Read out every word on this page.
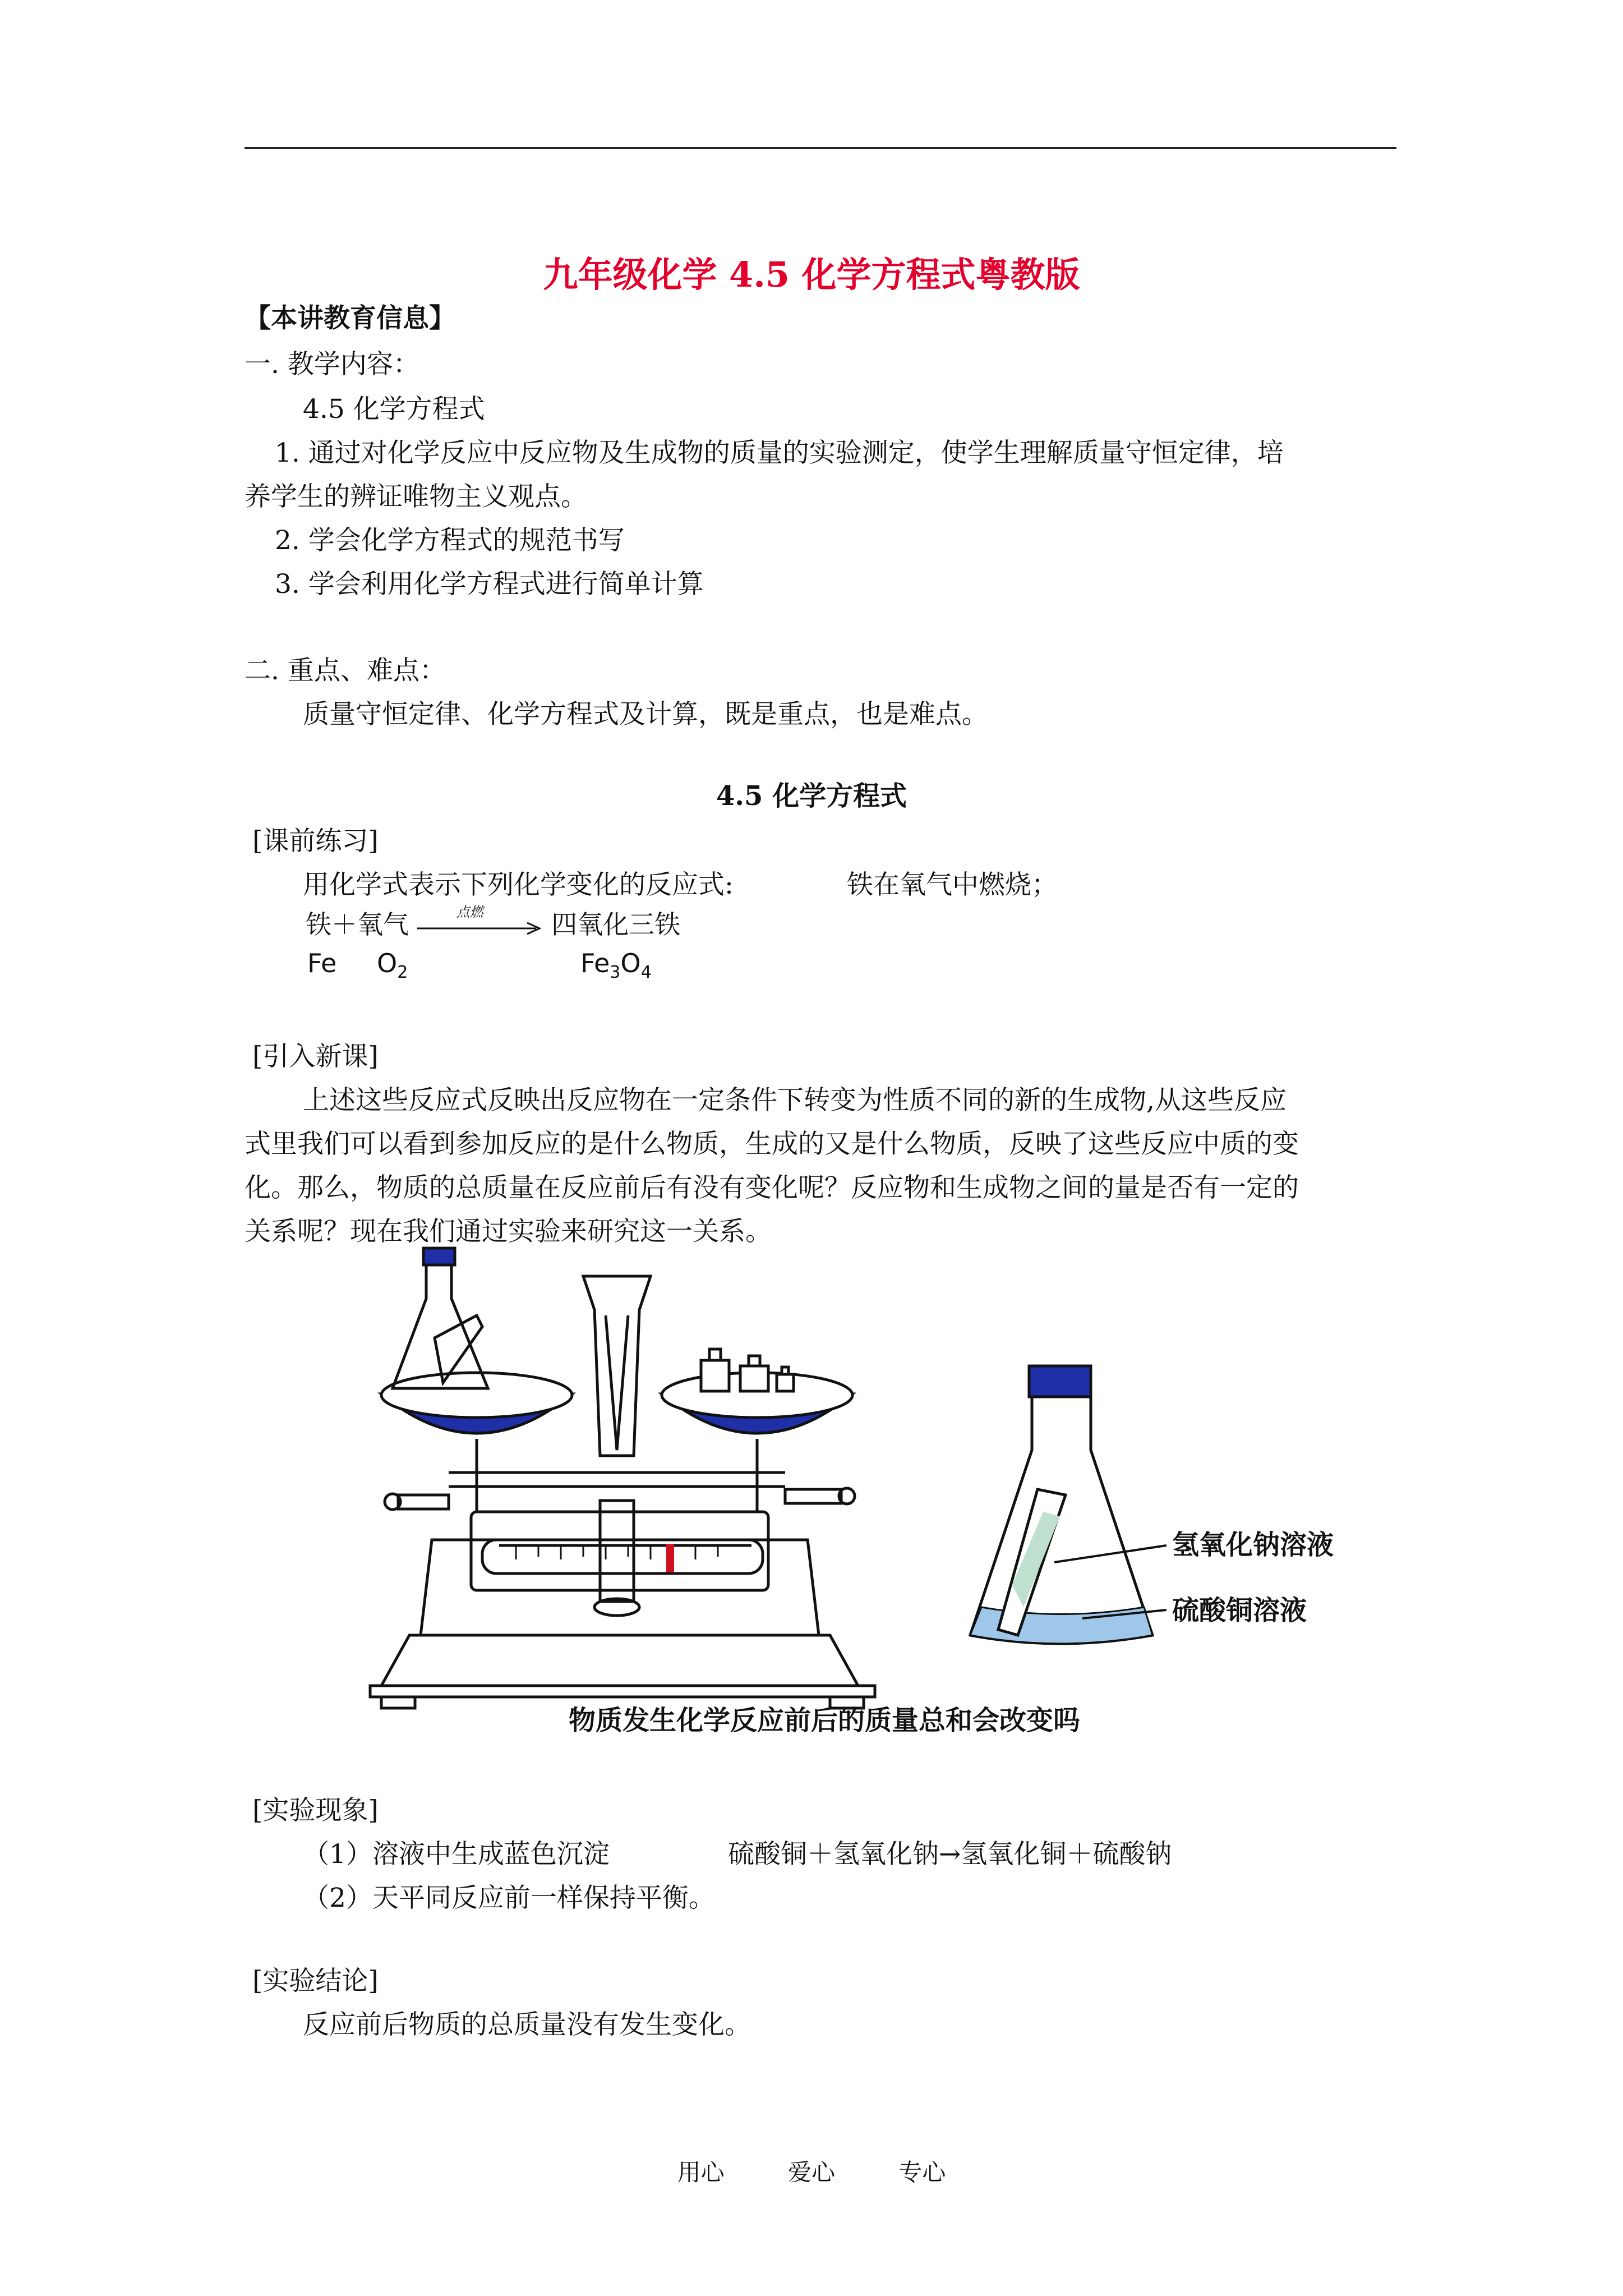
九年级化学 4.5 化学方程式粤教版
【本讲教育信息】
一. 教学内容：
4.5 化学方程式
1. 通过对化学反应中反应物及生成物的质量的实验测定，使学生理解质量守恒定律，培
养学生的辨证唯物主义观点。
2. 学会化学方程式的规范书写
3. 学会利用化学方程式进行简单计算
二. 重点、难点：
质量守恒定律、化学方程式及计算，既是重点，也是难点。
4.5 化学方程式
[课前练习]
用化学式表示下列化学变化的反应式:	铁在氧气中燃烧；
铁＋氧气	点燃	四氧化三铁
Fe $O_2$	$Fe_3O_4$
[引入新课]
上述这些反应式反映出反应物在一定条件下转变为性质不同的新的生成物,从这些反应
式里我们可以看到参加反应的是什么物质，生成的又是什么物质，反映了这些反应中质的变
化。那么，物质的总质量在反应前后有没有变化呢？反应物和生成物之间的量是否有一定的
关系呢？现在我们通过实验来研究这一关系。
氢氧化钠溶液
硫酸铜溶液
物质发生化学反应前后的质量总和会改变吗
[实验现象]
（1）溶液中生成蓝色沉淀	硫酸铜＋氢氧化钠→氢氧化铜＋硫酸钠
（2）天平同反应前一样保持平衡。
[实验结论]
反应前后物质的总质量没有发生变化。
用心	爱心	专心
